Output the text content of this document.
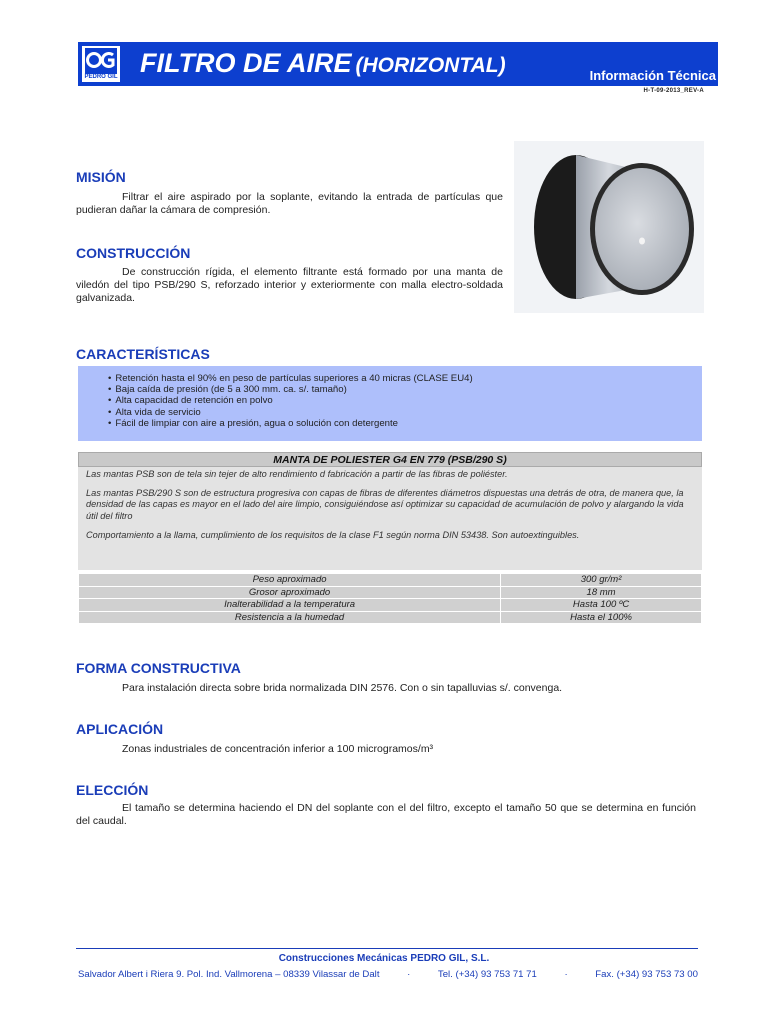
PEDRO GIL FILTRO DE AIRE (HORIZONTAL)	Información Técnica
H-T-09-2013_REV-A
MISIÓN
Filtrar el aire aspirado por la soplante, evitando la entrada de partículas que pudieran dañar la cámara de compresión.
CONSTRUCCIÓN
De construcción rígida, el elemento filtrante está formado por una manta de viledón del tipo PSB/290 S, reforzado interior y exteriormente con malla electro-soldada galvanizada.
CARACTERÍSTICAS
• Retención hasta el 90% en peso de partículas superiores a 40 micras (CLASE EU4)
• Baja caída de presión (de 5 a 300 mm. ca. s/. tamaño)
• Alta capacidad de retención en polvo
• Alta vida de servicio
• Fácil de limpiar con aire a presión, agua o solución con detergente
MANTA DE POLIESTER G4 EN 779 (PSB/290 S)

Las mantas PSB son de tela sin tejer de alto rendimiento d fabricación a partir de las fibras de poliéster.

Las mantas PSB/290 S son de estructura progresiva con capas de fibras de diferentes diámetros dispuestas una detrás de otra, de manera que, la densidad de las capas es mayor en el lado del aire limpio, consiguiéndose así optimizar su capacidad de acumulación de polvo y alargando la vida útil del filtro

Comportamiento a la llama, cumplimiento de los requisitos de la clase F1 según norma DIN 53438. Son autoextinguibles.

Peso aproximado	300 gr/m²
Grosor aproximado	18 mm
Inalterabilidad a la temperatura	Hasta 100 ºC
Resistencia a la humedad	Hasta el 100%
FORMA CONSTRUCTIVA
Para instalación directa sobre brida normalizada DIN 2576. Con o sin tapalluvias s/. convenga.
APLICACIÓN
Zonas industriales de concentración inferior a 100 microgramos/m³
ELECCIÓN
El tamaño se determina haciendo el DN del soplante con el del filtro, excepto el tamaño 50 que se determina en función del caudal.
Construcciones Mecánicas PEDRO GIL, S.L.
Salvador Albert i Riera 9. Pol. Ind. Vallmorena – 08339 Vilassar de Dalt	·	Tel. (+34) 93 753 71 71	·	Fax. (+34) 93 753 73 00
